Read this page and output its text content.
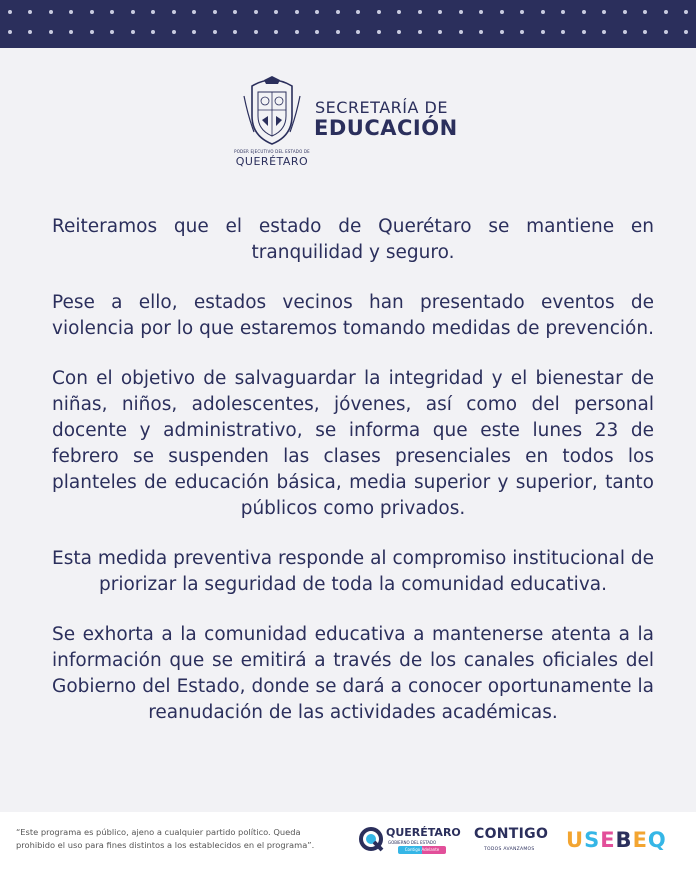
PODER EJECUTIVO DEL ESTADO DE
QUERÉTARO
SECRETARÍA DE
EDUCACIÓN

Reiteramos que el estado de Querétaro se mantiene en tranquilidad y seguro.

Pese a ello, estados vecinos han presentado eventos de violencia por lo que estaremos tomando medidas de prevención.

Con el objetivo de salvaguardar la integridad y el bienestar de niñas, niños, adolescentes, jóvenes, así como del personal docente y administrativo, se informa que este lunes 23 de febrero se suspenden las clases presenciales en todos los planteles de educación básica, media superior y superior, tanto públicos como privados.

Esta medida preventiva responde al compromiso institucional de priorizar la seguridad de toda la comunidad educativa.

Se exhorta a la comunidad educativa a mantenerse atenta a la información que se emitirá a través de los canales oficiales del Gobierno del Estado, donde se dará a conocer oportunamente la reanudación de las actividades académicas.

“Este programa es público, ajeno a cualquier partido político. Queda prohibido el uso para fines distintos a los establecidos en el programa”.
QUERÉTARO
GOBIERNO DEL ESTADO
Contigo Adelante
CONTIGO
TODOS AVANZAMOS USEBEQ
